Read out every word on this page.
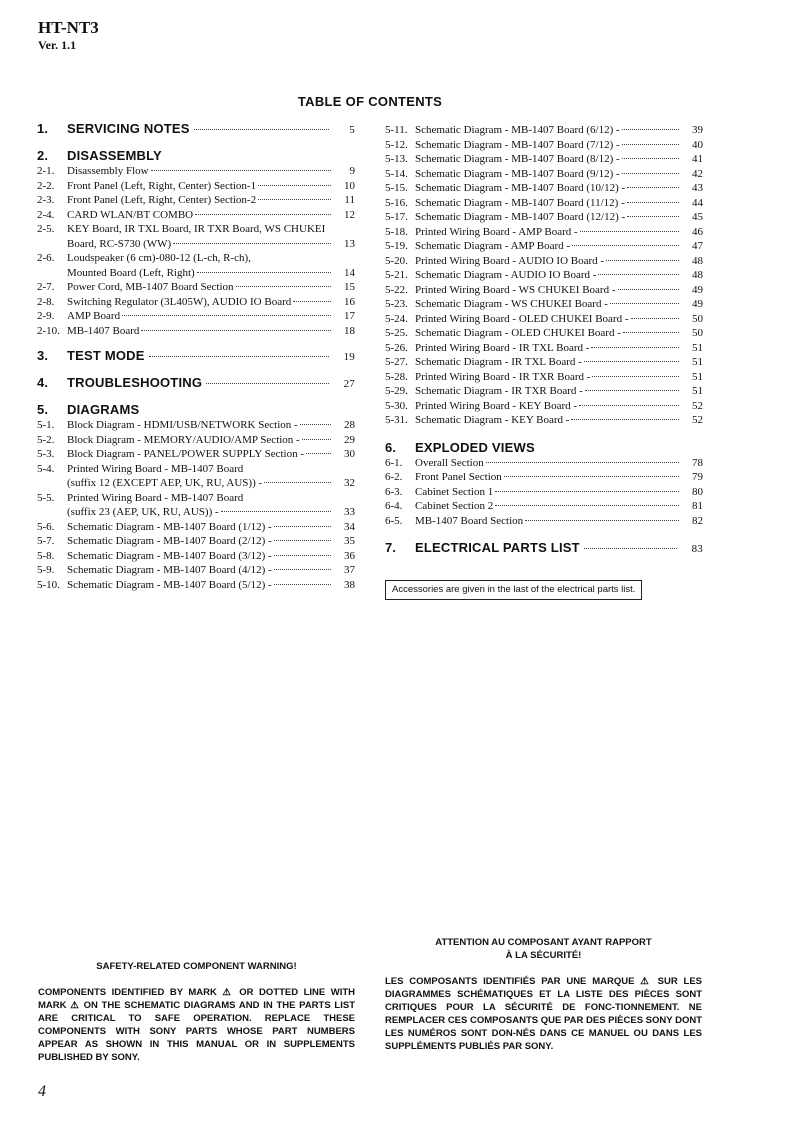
HT-NT3
Ver. 1.1
TABLE OF CONTENTS
1.	SERVICING NOTES	5
2.	DISASSEMBLY
2-1.	Disassembly Flow	9
2-2.	Front Panel (Left, Right, Center) Section-1	10
2-3.	Front Panel (Left, Right, Center) Section-2	11
2-4.	CARD WLAN/BT COMBO	12
2-5.	KEY Board, IR TXL Board, IR TXR Board, WS CHUKEI
Board, RC-S730 (WW)	13
2-6.	Loudspeaker (6 cm)-080-12 (L-ch, R-ch),
Mounted Board (Left, Right)	14
2-7.	Power Cord, MB-1407 Board Section	15
2-8.	Switching Regulator (3L405W), AUDIO IO Board	16
2-9.	AMP Board	17
2-10. MB-1407 Board	18
3.	TEST MODE	19
4.	TROUBLESHOOTING	27
5.	DIAGRAMS
5-1.	Block Diagram - HDMI/USB/NETWORK Section -	28
5-2.	Block Diagram - MEMORY/AUDIO/AMP Section -	29
5-3.	Block Diagram - PANEL/POWER SUPPLY Section -	30
5-4.	Printed Wiring Board - MB-1407 Board
(suffix 12 (EXCEPT AEP, UK, RU, AUS)) -	32
5-5.	Printed Wiring Board - MB-1407 Board
(suffix 23 (AEP, UK, RU, AUS)) -	33
5-6.	Schematic Diagram - MB-1407 Board (1/12) -	34
5-7.	Schematic Diagram - MB-1407 Board (2/12) -	35
5-8.	Schematic Diagram - MB-1407 Board (3/12) -	36
5-9.	Schematic Diagram - MB-1407 Board (4/12) -	37
5-10. Schematic Diagram - MB-1407 Board (5/12) -	38
5-11. Schematic Diagram - MB-1407 Board (6/12) -	39
5-12. Schematic Diagram - MB-1407 Board (7/12) -	40
5-13. Schematic Diagram - MB-1407 Board (8/12) -	41
5-14. Schematic Diagram - MB-1407 Board (9/12) -	42
5-15. Schematic Diagram - MB-1407 Board (10/12) -	43
5-16. Schematic Diagram - MB-1407 Board (11/12) -	44
5-17. Schematic Diagram - MB-1407 Board (12/12) -	45
5-18. Printed Wiring Board - AMP Board -	46
5-19. Schematic Diagram - AMP Board -	47
5-20. Printed Wiring Board - AUDIO IO Board -	48
5-21. Schematic Diagram - AUDIO IO Board -	48
5-22. Printed Wiring Board - WS CHUKEI Board -	49
5-23. Schematic Diagram - WS CHUKEI Board -	49
5-24. Printed Wiring Board - OLED CHUKEI Board -	50
5-25. Schematic Diagram - OLED CHUKEI Board -	50
5-26. Printed Wiring Board - IR TXL Board -	51
5-27. Schematic Diagram - IR TXL Board -	51
5-28. Printed Wiring Board - IR TXR Board -	51
5-29. Schematic Diagram - IR TXR Board -	51
5-30. Printed Wiring Board - KEY Board -	52
5-31. Schematic Diagram - KEY Board -	52
6.	EXPLODED VIEWS
6-1.	Overall Section	78
6-2.	Front Panel Section	79
6-3.	Cabinet Section 1	80
6-4.	Cabinet Section 2	81
6-5.	MB-1407 Board Section	82
7.	ELECTRICAL PARTS LIST	83
Accessories are given in the last of the electrical parts list.
SAFETY-RELATED COMPONENT WARNING!
COMPONENTS IDENTIFIED BY MARK ⚠ OR DOTTED LINE WITH MARK ⚠ ON THE SCHEMATIC DIAGRAMS AND IN THE PARTS LIST ARE CRITICAL TO SAFE OPERATION. REPLACE THESE COMPONENTS WITH SONY PARTS WHOSE PART NUMBERS APPEAR AS SHOWN IN THIS MANUAL OR IN SUPPLEMENTS PUBLISHED BY SONY.
ATTENTION AU COMPOSANT AYANT RAPPORT
À LA SÉCURITÉ!
LES COMPOSANTS IDENTIFIÉS PAR UNE MARQUE ⚠ SUR LES DIAGRAMMES SCHÉMATIQUES ET LA LISTE DES PIÈCES SONT CRITIQUES POUR LA SÉCURITÉ DE FONC-TIONNEMENT. NE REMPLACER CES COMPOSANTS QUE PAR DES PIÈCES SONY DONT LES NUMÉROS SONT DON-NÉS DANS CE MANUEL OU DANS LES SUPPLÉMENTS PUBLIÉS PAR SONY.
4
